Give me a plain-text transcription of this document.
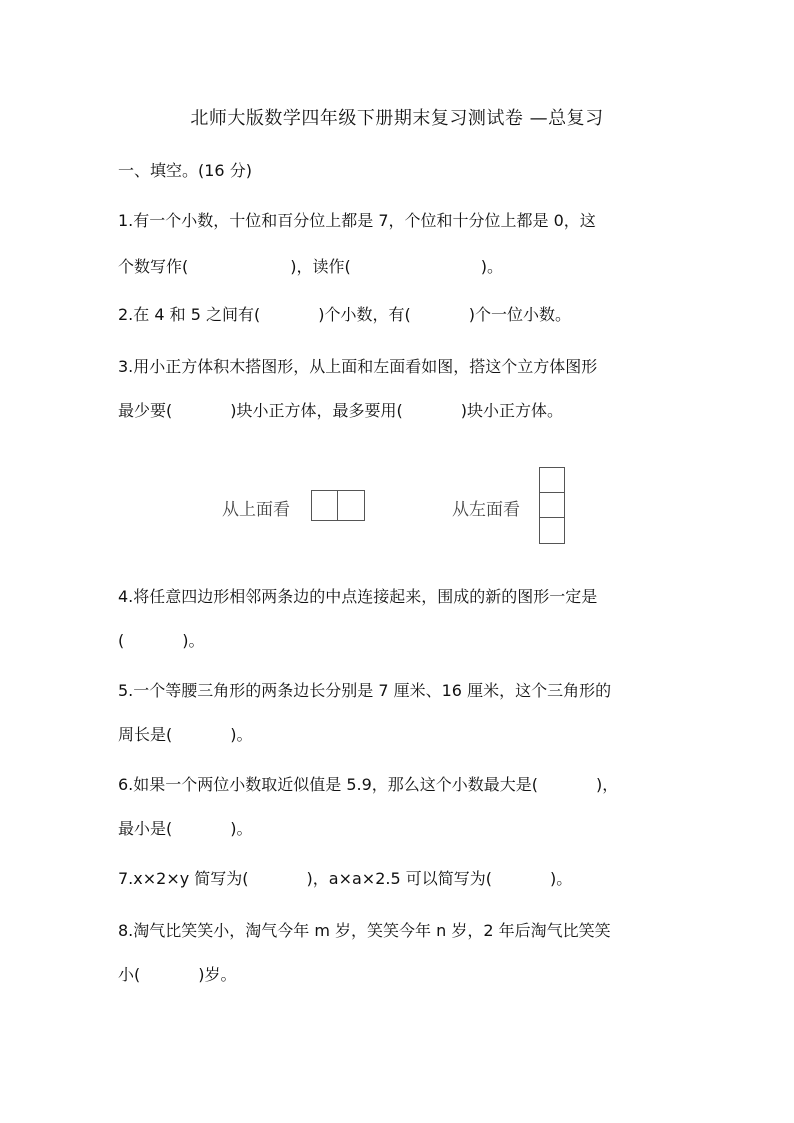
北师大版数学四年级下册期末复习测试卷 —总复习
一、填空。(16 分)
1.有一个小数，十位和百分位上都是 7，个位和十分位上都是 0，这
个数写作(	)，读作(	)。
2.在 4 和 5 之间有(	)个小数，有(	)个一位小数。
3.用小正方体积木搭图形，从上面和左面看如图，搭这个立方体图形
最少要(	)块小正方体，最多要用(	)块小正方体。
从上面看	从左面看
4.将任意四边形相邻两条边的中点连接起来，围成的新的图形一定是
(	)。
5.一个等腰三角形的两条边长分别是 7 厘米、16 厘米，这个三角形的
周长是(	)。
6.如果一个两位小数取近似值是 5.9，那么这个小数最大是(	)，
最小是(	)。
7.x×2×y 简写为(	)，a×a×2.5 可以简写为(	)。
8.淘气比笑笑小，淘气今年 m 岁，笑笑今年 n 岁，2 年后淘气比笑笑
小(	)岁。
